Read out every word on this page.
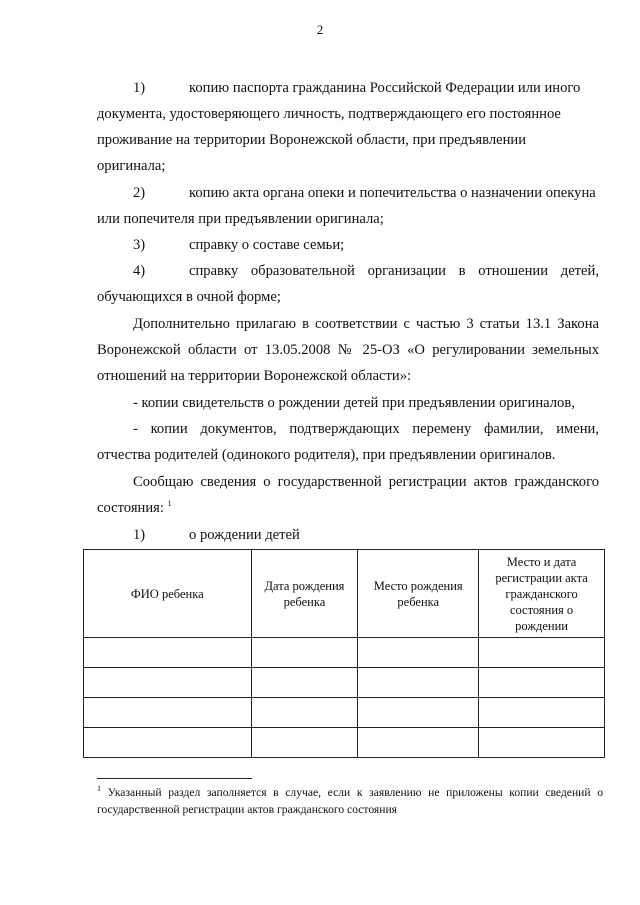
2
1)	копию паспорта гражданина Российской Федерации или иного
документа, удостоверяющего личность, подтверждающего его постоянное
проживание на территории Воронежской области, при предъявлении
оригинала;
2)	копию акта органа опеки и попечительства о назначении опекуна
или попечителя при предъявлении оригинала;
3)	справку о составе семьи;
4)	справку образовательной организации в отношении детей,
обучающихся в очной форме;
Дополнительно прилагаю в соответствии с частью 3 статьи 13.1 Закона
Воронежской области от 13.05.2008 № 25-ОЗ «О регулировании земельных
отношений на территории Воронежской области»:
- копии свидетельств о рождении детей при предъявлении оригиналов,
- копии документов, подтверждающих перемену фамилии, имени,
отчества родителей (одинокого родителя), при предъявлении оригиналов.
Сообщаю сведения о государственной регистрации актов гражданского
состояния: $^1$
1)	о рождении детей
ФИО ребенка	Дата рождения ребенка	Место рождения ребенка	Место и дата регистрации акта гражданского состояния о рождении

$^1$ Указанный раздел заполняется в случае, если к заявлению не приложены копии сведений о государственной регистрации актов гражданского состояния
